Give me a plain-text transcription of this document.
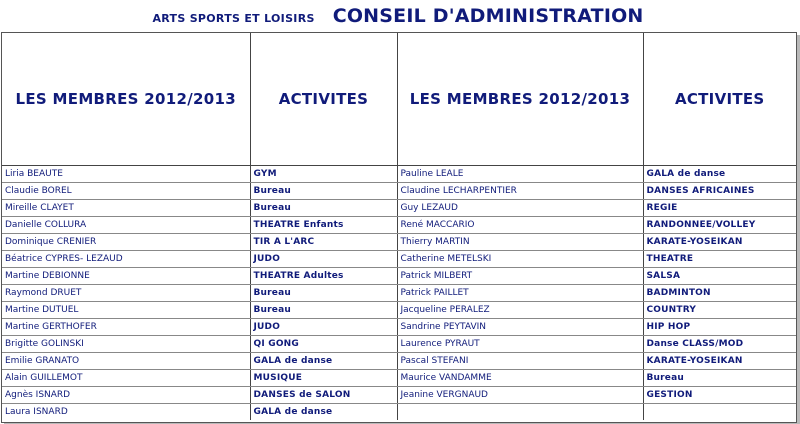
ARTS SPORTS ET LOISIRS CONSEIL D'ADMINISTRATION
LES MEMBRES 2012/2013	ACTIVITES	LES MEMBRES 2012/2013	ACTIVITES
Liria BEAUTE	GYM	Pauline LEALE	GALA de danse
Claudie BOREL	Bureau	Claudine LECHARPENTIER	DANSES AFRICAINES
Mireille CLAYET	Bureau	Guy LEZAUD	REGIE
Danielle COLLURA	THEATRE Enfants	René MACCARIO	RANDONNEE/VOLLEY
Dominique CRENIER	TIR A L'ARC	Thierry MARTIN	KARATE-YOSEIKAN
Béatrice CYPRES- LEZAUD	JUDO	Catherine METELSKI	THEATRE
Martine DEBIONNE	THEATRE Adultes	Patrick MILBERT	SALSA
Raymond DRUET	Bureau	Patrick PAILLET	BADMINTON
Martine DUTUEL	Bureau	Jacqueline PERALEZ	COUNTRY
Martine GERTHOFER	JUDO	Sandrine PEYTAVIN	HIP HOP
Brigitte GOLINSKI	QI GONG	Laurence PYRAUT	Danse CLASS/MOD
Emilie GRANATO	GALA de danse	Pascal STEFANI	KARATE-YOSEIKAN
Alain GUILLEMOT	MUSIQUE	Maurice VANDAMME	Bureau
Agnès ISNARD	DANSES de SALON	Jeanine VERGNAUD	GESTION
Laura ISNARD	GALA de danse		
